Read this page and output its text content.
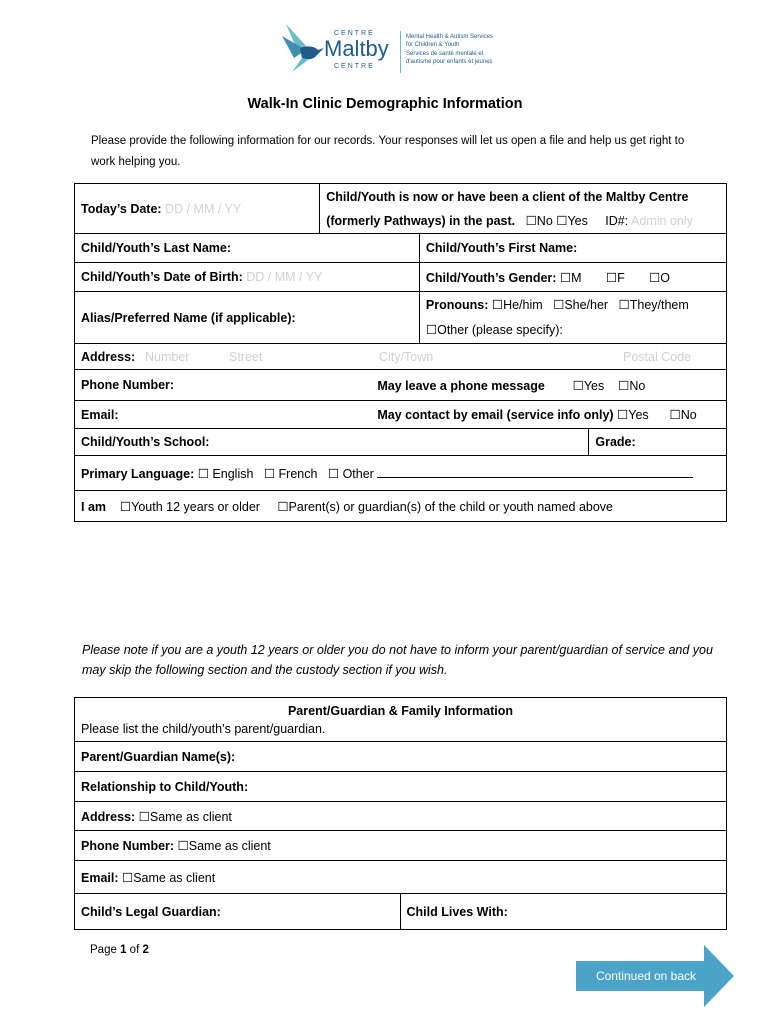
CENTRE
Maltby
CENTRE
Mental Health & Autism Services
for Children & Youth
Services de santé mentale et
d'autisme pour enfants et jeunes
Walk-In Clinic Demographic Information
Please provide the following information for our records. Your responses will let us open a file and help us get right to work helping you.
Today’s Date: DD / MM / YY	Child/Youth is now or have been a client of the Maltby Centre
(formerly Pathways) in the past. ☐ No ☐ Yes ID#: Admin only

Child/Youth’s Last Name:		Child/Youth’s First Name:	
Child/Youth’s Date of Birth: DD / MM / YY		Child/Youth’s Gender: ☐ M ☐ F ☐ O
Alias/Preferred Name (if applicable):		Pronouns: ☐ He/him ☐ She/her ☐ They/them
☐ Other (please specify):

Address: Number Street City/Town Postal Code			

Phone Number:		May leave a phone message ☐ Yes ☐ No
Email:		May contact by email (service info only) ☐ Yes ☐ No
Child/Youth’s School:			Grade:
Primary Language: ☐ English ☐ French ☐ Other
I am ☐ Youth 12 years or older ☐ Parent(s) or guardian(s) of the child or youth named above
Please note if you are a youth 12 years or older you do not have to inform your parent/guardian of service and you may skip the following section and the custody section if you wish.
Parent/Guardian & Family Information
Please list the child/youth’s parent/guardian.

Parent/Guardian Name(s):
Relationship to Child/Youth:
Address: ☐ Same as client
Phone Number: ☐ Same as client
Email: ☐ Same as client
Child’s Legal Guardian:	Child Lives With:
Page 1 of 2
Continued on back
